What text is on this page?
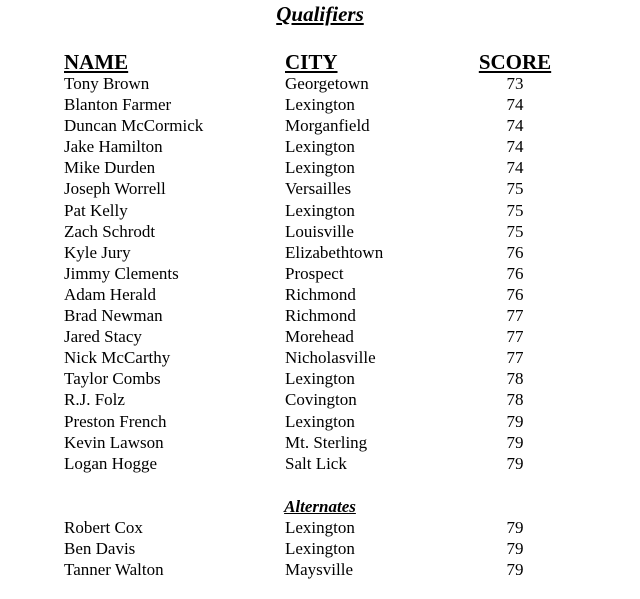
Qualifiers
NAME	CITY	SCORE
Tony Brown	Georgetown	73
Blanton Farmer	Lexington	74
Duncan McCormick	Morganfield	74
Jake Hamilton	Lexington	74
Mike Durden	Lexington	74
Joseph Worrell	Versailles	75
Pat Kelly	Lexington	75
Zach Schrodt	Louisville	75
Kyle Jury	Elizabethtown	76
Jimmy Clements	Prospect	76
Adam Herald	Richmond	76
Brad Newman	Richmond	77
Jared Stacy	Morehead	77
Nick McCarthy	Nicholasville	77
Taylor Combs	Lexington	78
R.J. Folz	Covington	78
Preston French	Lexington	79
Kevin Lawson	Mt. Sterling	79
Logan Hogge	Salt Lick	79
Alternates
Robert Cox	Lexington	79
Ben Davis	Lexington	79
Tanner Walton	Maysville	79
